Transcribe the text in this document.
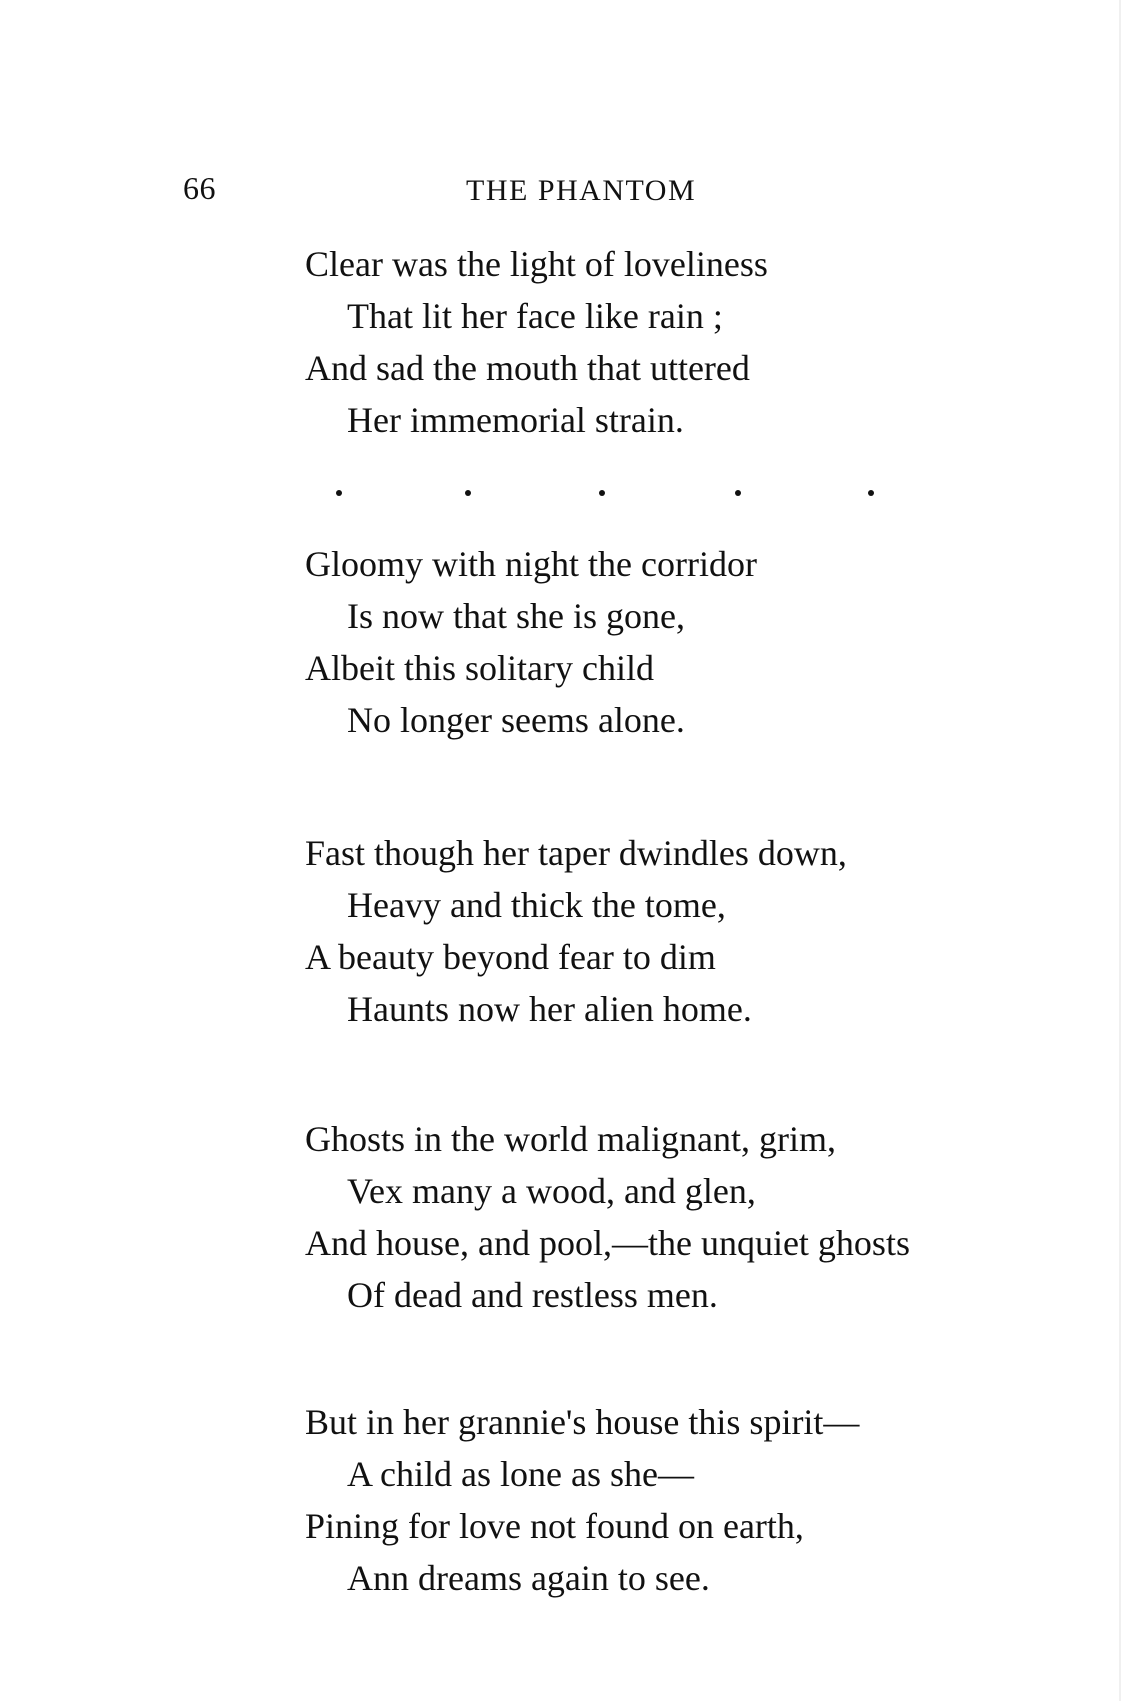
66	THE PHANTOM
Clear was the light of loveliness
That lit her face like rain ;
And sad the mouth that uttered
Her immemorial strain.
Gloomy with night the corridor
Is now that she is gone,
Albeit this solitary child
No longer seems alone.
Fast though her taper dwindles down,
Heavy and thick the tome,
A beauty beyond fear to dim
Haunts now her alien home.
Ghosts in the world malignant, grim,
Vex many a wood, and glen,
And house, and pool,—the unquiet ghosts
Of dead and restless men.
But in her grannie's house this spirit—
A child as lone as she—
Pining for love not found on earth,
Ann dreams again to see.
